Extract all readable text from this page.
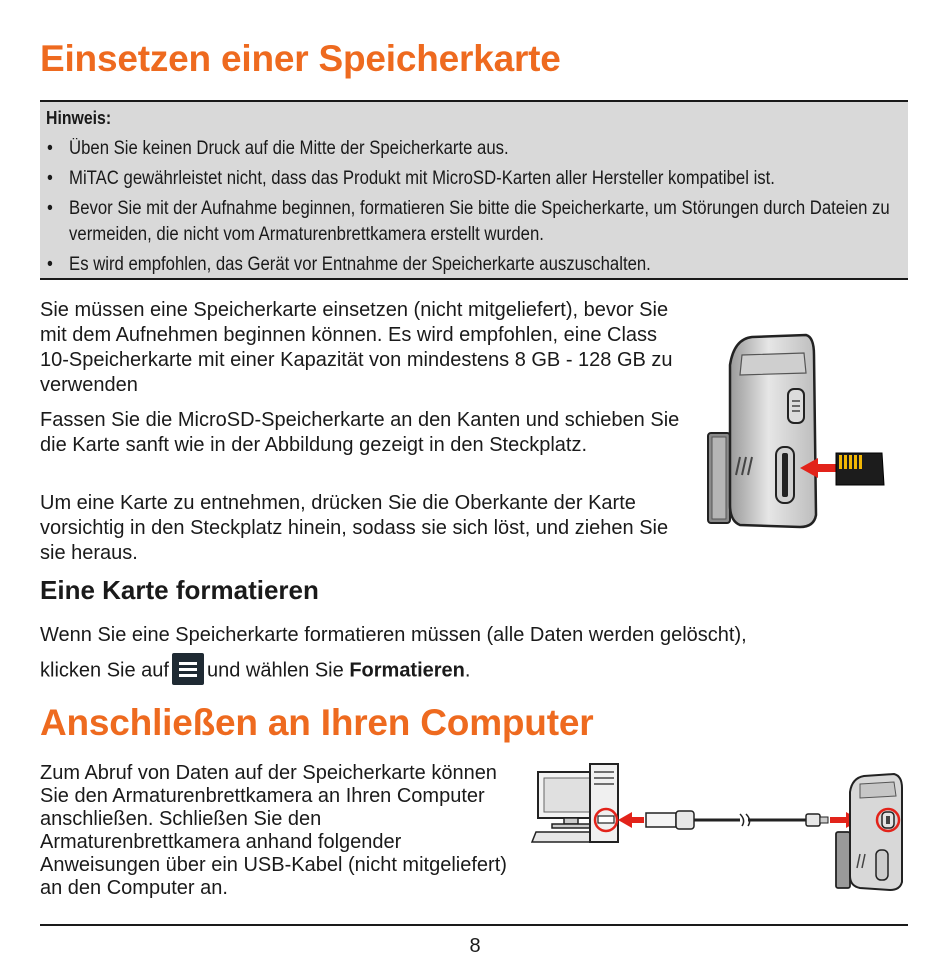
Einsetzen einer Speicherkarte
Hinweis:
• Üben Sie keinen Druck auf die Mitte der Speicherkarte aus.
• MiTAC gewährleistet nicht, dass das Produkt mit MicroSD-Karten aller Hersteller kompatibel ist.
• Bevor Sie mit der Aufnahme beginnen, formatieren Sie bitte die Speicherkarte, um Störungen durch Dateien zu vermeiden, die nicht vom Armaturenbrettkamera erstellt wurden.
• Es wird empfohlen, das Gerät vor Entnahme der Speicherkarte auszuschalten.

Sie müssen eine Speicherkarte einsetzen (nicht mitgeliefert), bevor Sie mit dem Aufnehmen beginnen können. Es wird empfohlen, eine Class 10-Speicherkarte mit einer Kapazität von mindestens 8 GB - 128 GB zu verwenden

Fassen Sie die MicroSD-Speicherkarte an den Kanten und schieben Sie die Karte sanft wie in der Abbildung gezeigt in den Steckplatz.

Um eine Karte zu entnehmen, drücken Sie die Oberkante der Karte vorsichtig in den Steckplatz hinein, sodass sie sich löst, und ziehen Sie sie heraus.

Eine Karte formatieren

Wenn Sie eine Speicherkarte formatieren müssen (alle Daten werden gelöscht),

klicken Sie auf und wählen Sie Formatieren.

Anschließen an Ihren Computer

Zum Abruf von Daten auf der Speicherkarte können Sie den Armaturenbrettkamera an Ihren Computer anschließen. Schließen Sie den Armaturenbrettkamera anhand folgender Anweisungen über ein USB-Kabel (nicht mitgeliefert) an den Computer an.

8
